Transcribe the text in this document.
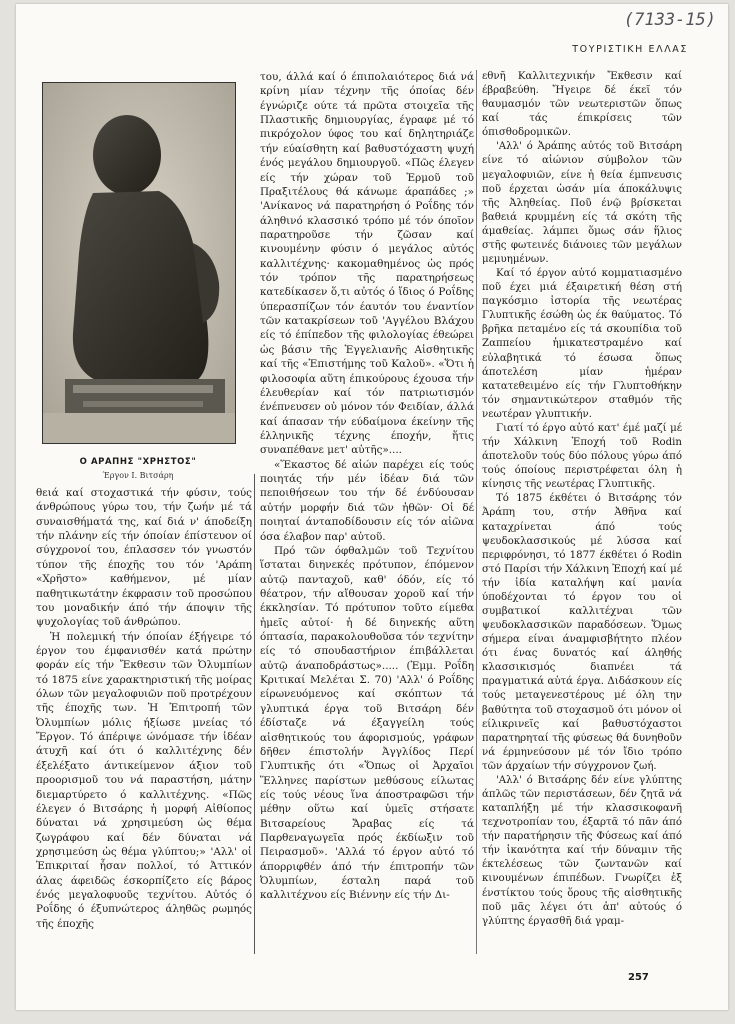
(7133-15)
ΤΟΥΡΙΣΤΙΚΗ ΕΛΛΑΣ
Ο ΑΡΑΠΗΣ "ΧΡΗΣΤΟΣ"
Έργον Ι. Βιτσάρη

του, άλλά καί ό έπιπολαιότερος διά νά κρίνη μίαν τέχνην τῆς όποίας δέν έγνώριζε ούτε τά πρῶτα στοιχεῖα τῆς Πλαστικῆς δημιουργίας, έγραφε μέ τό πικρόχολον ύφος του καί δηλητηριάζε τήν εύαίσθητη καί βαθυστόχαστη ψυχή ένός μεγάλου δημιουργοῦ. «Πῶς έλεγεν είς τήν χώραν τοῦ Ἑρμοῦ τοῦ Πραξιτέλους θά κάνωμε άραπάδες ;» 'Ανίκανος νά παρατηρήση ό Ροΐδης τόν άληθινό κλασσικό τρόπο μέ τόν όποῖον παρατηροῦσε τήν ζῶσαν καί κινουμένην φύσιν ό μεγάλος αὐτός καλλιτέχνης· κακομαθημένος ὡς πρός τόν τρόπον τῆς παρατηρήσεως κατεδίκασεν ὅ,τι αὐτός ό ἴδιος ό Ροΐδης ύπερασπίζων τόν έαυτόν του έναντίον τῶν κατακρίσεων τοῦ 'Αγγέλου Βλάχου είς τό έπίπεδον τῆς φιλολογίας έθεώρει ὡς βάσιν τῆς Ἑγγελιανῆς Αἰσθητικῆς καί τῆς «Ἐπιστήμης τοῦ Καλοῦ». «Ὅτι ἡ φιλοσοφία αὕτη έπικούρους έχουσα τήν έλευθερίαν καί τόν πατριωτισμόν ένέπνευσεν οὐ μόνον τόν Φειδίαν, άλλά καί άπασαν τήν εύδαίμονα έκείνην τῆς έλληνικῆς τέχνης έποχήν, ἥτις συναπέθανε μετ' αὐτῆς»....

«Ἕκαστος δέ αἰών παρέχει είς τούς ποιητάς τήν μέν ἰδέαν διά τῶν πεποιθήσεων του τήν δέ ένδύουσαν αὐτήν μορφήν διά τῶν ἠθῶν· Οἱ δέ ποιηταί άνταποδίδουσιν είς τόν αἰῶνα όσα έλαβον παρ' αὐτοῦ.

Πρό τῶν όφθαλμῶν τοῦ Τεχνίτου ἵσταται διηνεκές πρότυπον, έπόμενον αὐτῷ πανταχοῦ, καθ' όδόν, είς τό θέατρον, τήν αἴθουσαν χοροῦ καί τήν έκκλησίαν. Τό πρότυπον τοῦτο είμεθα ἡμεῖς αὐτοί· ἡ δέ διηνεκής αὕτη όπτασία, παρακολουθοῦσα τόν τεχνίτην είς τό σπουδαστήριον έπιβάλλεται αὐτῷ άναποδράστως»..... (Ἐμμ. Ροΐδη Κριτικαί Μελέται Σ. 70) 'Αλλ' ό Ροΐδης είρωνευόμενος καί σκόπτων τά γλυπτικά έργα τοῦ Βιτσάρη δέν έδίσταζε νά έξαγγείλη τούς αἰσθητικούς του άφορισμούς, γράφων δῆθεν έπιστολήν Ἀγγλίδος Περί Γλυπτικῆς ότι «Ὅπως οἱ Ἀρχαῖοι Ἕλληνες παρίστων μεθύσους είλωτας είς τούς νέους ἵνα άποστραφῶσι τήν μέθην οὕτω καί ὑμεῖς στήσατε Βιτσαρείους Ἄραβας είς τά Παρθεναγωγεῖα πρός έκδίωξιν τοῦ Πειρασμοῦ». 'Αλλά τό έργον αὐτό τό άπορριφθέν άπό τήν έπιτροπήν τῶν Ὀλυμπίων, έσταλη παρά τοῦ καλλιτέχνου είς Βιέννην είς τήν Δι-

εθνῆ Καλλιτεχνικήν Ἔκθεσιν καί έβραβεύθη. Ἤγειρε δέ έκεῖ τόν θαυμασμόν τῶν νεωτεριστῶν ὅπως καί τάς έπικρίσεις τῶν όπισθοδρομικῶν.

'Αλλ' ό Ἀράπης αὐτός τοῦ Βιτσάρη είνε τό αἰώνιον σύμβολον τῶν μεγαλοφυιῶν, είνε ἡ θεία έμπνευσις ποῦ έρχεται ὡσάν μία άποκάλυψις τῆς Ἀληθείας. Ποῦ ένῷ βρίσκεται βαθειά κρυμμένη είς τά σκότη τῆς άμαθείας. λάμπει ὅμως σάν ἥλιος στῆς φωτεινές διάνοιες τῶν μεγάλων μεμυημένων.

Καί τό έργον αὐτό κομματιασμένο ποῦ έχει μιά έξαιρετική θέση στή παγκόσμιο ἱστορία τῆς νεωτέρας Γλυπτικῆς έσώθη ὡς έκ θαύματος. Τό βρῆκα πεταμένο είς τά σκουπίδια τοῦ Ζαππείου ἡμικατεστραμένο καί εὐλαβητικά τό έσωσα ὅπως άποτελέση μίαν ἡμέραν κατατεθειμένο είς τήν Γλυπτοθήκην τόν σημαντικώτερον σταθμόν τῆς νεωτέραν γλυπτικήν.

Γιατί τό έργο αὐτό κατ' έμέ μαζί μέ τήν Χάλκινη Ἐποχή τοῦ Rodin άποτελοῦν τούς δύο πόλους γύρω άπό τούς όποίους περιστρέφεται όλη ἡ κίνησις τῆς νεωτέρας Γλυπτικῆς.

Τό 1875 έκθέτει ό Βιτσάρης τόν Ἀράπη του, στήν Ἀθῆνα καί καταχρίνεται άπό τούς ψευδοκλασσικούς μέ λύσσα καί περιφρόνησι, τό 1877 έκθέτει ό Rodin στό Παρίσι τήν Χάλκινη Ἐποχή καί μέ τήν ἰδία καταλήψη καί μανία ύποδέχονται τό έργον του οἱ συμβατικοί καλλιτέχναι τῶν ψευδοκλασσικῶν παραδόσεων. Ὅμως σήμερα είναι άναμφισβήτητο πλέον ότι ένας δυνατός καί άληθής κλασσικισμός διαπνέει τά πραγματικά αὐτά έργα. Διδάσκουν είς τούς μεταγενεστέρους μέ όλη την βαθύτητα τοῦ στοχασμοῦ ότι μόνον οἱ είλικρινεῖς καί βαθυστόχαστοι παρατηρηταί τῆς φύσεως θά δυνηθοῦν νά έρμηνεύσουν μέ τόν ἴδιο τρόπο τῶν άρχαίων τήν σύγχρονον ζωή.

'Αλλ' ό Βιτσάρης δέν είνε γλύπτης άπλῶς τῶν περιστάσεων, δέν ζητᾶ νά καταπλήξη μέ τήν κλασσικοφανῆ τεχνοτροπίαν του, έξαρτᾶ τό πᾶν άπό τήν παρατήρησιν τῆς Φύσεως καί άπό τήν ἱκανότητα καί τήν δύναμιν τῆς έκτελέσεως τῶν ζωντανῶν καί κινουμένων έπιπέδων. Γνωρίζει ἐξ ένστίκτου τούς ὅρους τῆς αἰσθητικῆς ποῦ μᾶς λέγει ότι ἀπ' αὐτούς ό γλύπτης έργασθῆ διά γραμ-

θειά καί στοχαστικά τήν φύσιν, τούς άνθρώπους γύρω του, τήν ζωήν μέ τά συναισθήματά της, καί διά ν' άποδείξη τήν πλάνην είς τήν όποίαν έπίστευον οί σύγχρονοί του, έπλασσεν τόν γνωστόν τύπον τῆς έποχῆς του τόν 'Αράπη «Χρῆστο» καθήμενον, μέ μίαν παθητικωτάτην έκφρασιν τοῦ προσώπου του μοναδικήν άπό τήν άποψιν τῆς ψυχολογίας τοῦ άνθρώπου.

Ἡ πολεμική τήν όποίαν έξήγειρε τό έργον του έμφανισθέν κατά πρώτην φοράν είς τήν Ἔκθεσιν τῶν Ὀλυμπίων τό 1875 είνε χαρακτηριστική τῆς μοίρας όλων τῶν μεγαλοφυιῶν ποῦ προτρέχουν τῆς έποχῆς των. Ἡ Ἐπιτροπή τῶν Ὀλυμπίων μόλις ήξίωσε μνείας τό Ἔργον. Τό άπέριψε ώνόμασε τήν ἰδέαν άτυχῆ καί ότι ό καλλιτέχνης δέν έξελέξατο άντικείμενον άξιον τοῦ προορισμοῦ του νά παραστήση, μάτην διεμαρτύρετο ό καλλιτέχνης. «Πῶς έλεγεν ό Βιτσάρης ἡ μορφή Αἰθίοπος δύναται νά χρησιμεύση ὡς θέμα ζωγράφου καί δέν δύναται νά χρησιμεύση ὡς θέμα γλύπτου;» 'Αλλ' οἱ Ἐπικριταί ἦσαν πολλοί, τό Ἀττικόν άλας άφειδῶς έσκορπίζετο είς βάρος ένός μεγαλοφυοῦς τεχνίτου. Αὐτός ό Ροΐδης ό έξυπνώτερος άληθῶς ρωμηός τῆς έποχῆς

257
